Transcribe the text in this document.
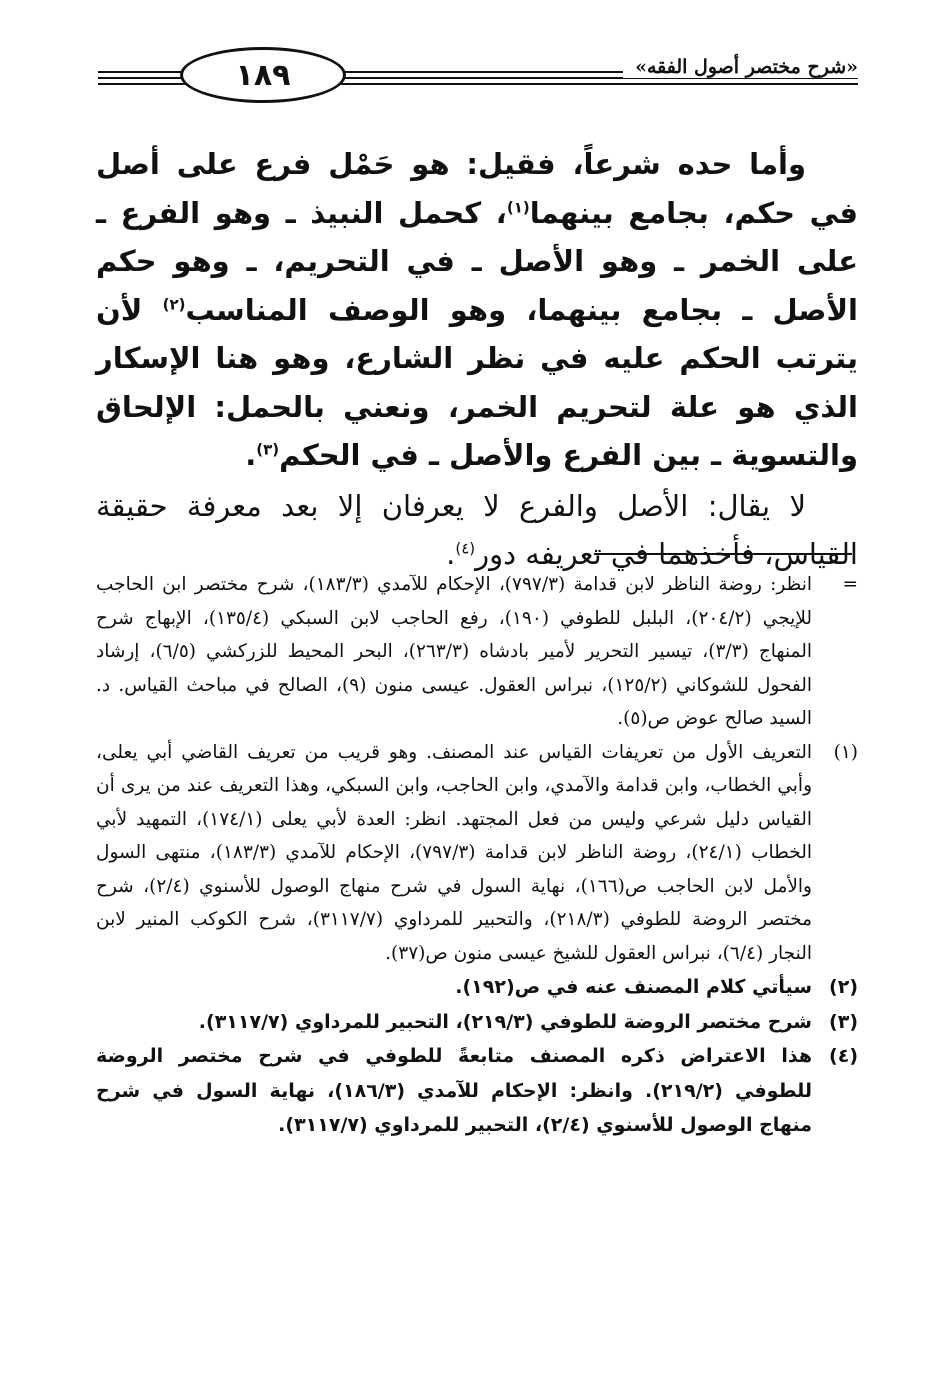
١٨٩	«شرح مختصر أصول الفقه»

وأما حده شرعاً، فقيل: هو حَمْل فرع على أصل في حكم، بجامع بينهما$^{(١)}$، كحمل النبيذ ـ وهو الفرع ـ على الخمر ـ وهو الأصل ـ في التحريم، ـ وهو حكم الأصل ـ بجامع بينهما، وهو الوصف المناسب$^{(٢)}$ لأن يترتب الحكم عليه في نظر الشارع، وهو هنا الإسكار الذي هو علة لتحريم الخمر، ونعني بالحمل: الإلحاق والتسوية ـ بين الفرع والأصل ـ في الحكم$^{(٣)}$.

لا يقال: الأصل والفرع لا يعرفان إلا بعد معرفة حقيقة القياس، فأخذهما في تعريفه دور$^{(٤)}$.

=
انظر: روضة الناظر لابن قدامة (٧٩٧/٣)، الإحكام للآمدي (١٨٣/٣)، شرح مختصر ابن الحاجب للإيجي (٢٠٤/٢)، البلبل للطوفي (١٩٠)، رفع الحاجب لابن السبكي (١٣٥/٤)، الإبهاج شرح المنهاج (٣/٣)، تيسير التحرير لأمير بادشاه (٢٦٣/٣)، البحر المحيط للزركشي (٦/٥)، إرشاد الفحول للشوكاني (١٢٥/٢)، نبراس العقول. عيسى منون (٩)، الصالح في مباحث القياس. د. السيد صالح عوض ص(٥).
(١)
التعريف الأول من تعريفات القياس عند المصنف. وهو قريب من تعريف القاضي أبي يعلى، وأبي الخطاب، وابن قدامة والآمدي، وابن الحاجب، وابن السبكي، وهذا التعريف عند من يرى أن القياس دليل شرعي وليس من فعل المجتهد. انظر: العدة لأبي يعلى (١٧٤/١)، التمهيد لأبي الخطاب (٢٤/١)، روضة الناظر لابن قدامة (٧٩٧/٣)، الإحكام للآمدي (١٨٣/٣)، منتهى السول والأمل لابن الحاجب ص(١٦٦)، نهاية السول في شرح منهاج الوصول للأسنوي (٢/٤)، شرح مختصر الروضة للطوفي (٢١٨/٣)، والتحبير للمرداوي (٣١١٧/٧)، شرح الكوكب المنير لابن النجار (٦/٤)، نبراس العقول للشيخ عيسى منون ص(٣٧).
(٢)
سيأتي كلام المصنف عنه في ص(١٩٢).
(٣)
شرح مختصر الروضة للطوفي (٢١٩/٣)، التحبير للمرداوي (٣١١٧/٧).
(٤)
هذا الاعتراض ذكره المصنف متابعةً للطوفي في شرح مختصر الروضة للطوفي (٢١٩/٢). وانظر: الإحكام للآمدي (١٨٦/٣)، نهاية السول في شرح منهاج الوصول للأسنوي (٢/٤)، التحبير للمرداوي (٣١١٧/٧).
